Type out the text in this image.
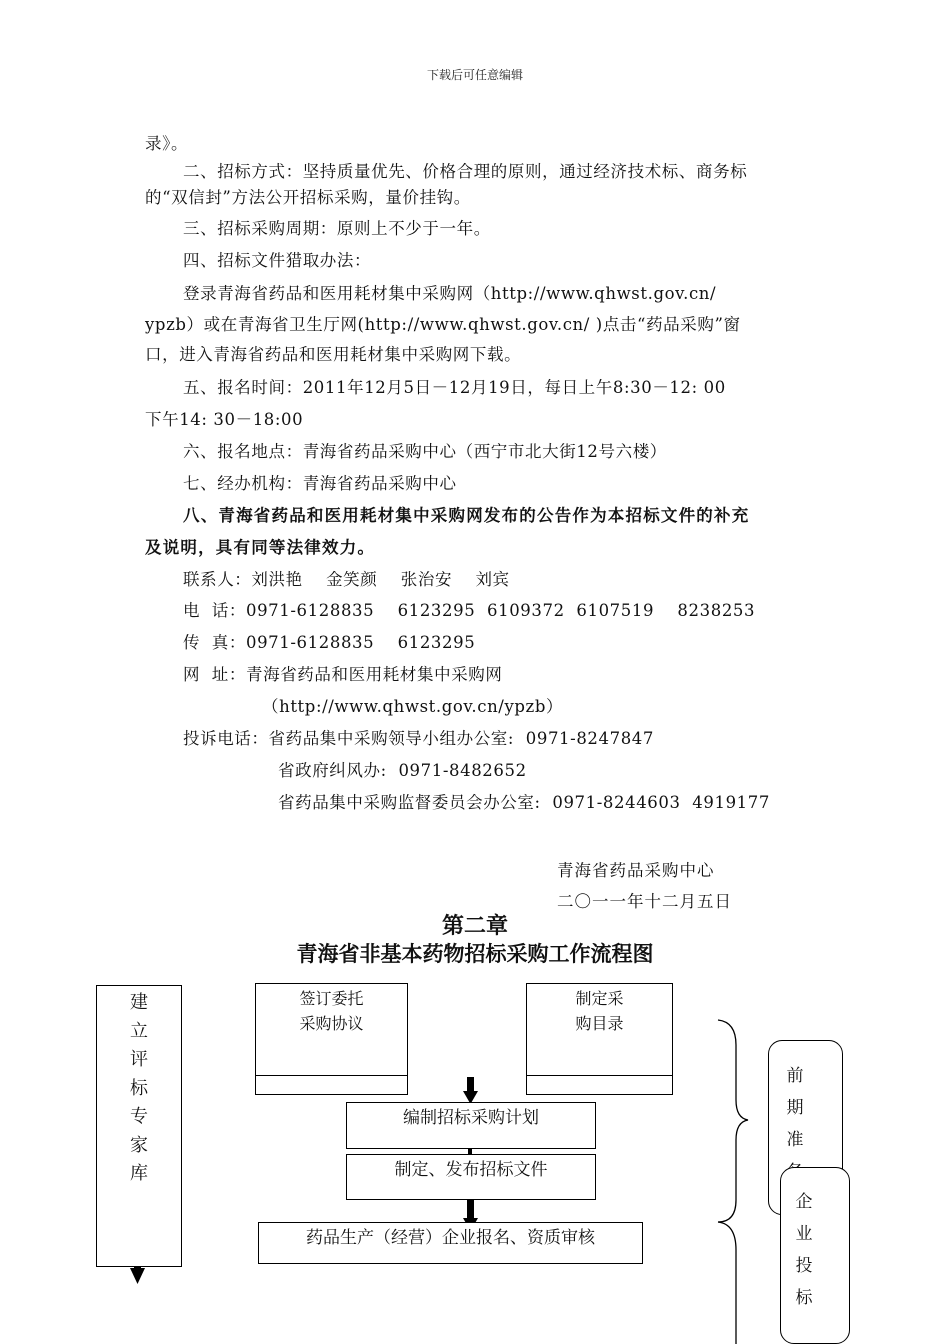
下载后可任意编辑
录》。
二、招标方式：坚持质量优先、价格合理的原则，通过经济技术标、商务标
的“双信封”方法公开招标采购，量价挂钩。
三、招标采购周期：原则上不少于一年。
四、招标文件猎取办法：
登录青海省药品和医用耗材集中采购网（http://www.qhwst.gov.cn/
ypzb）或在青海省卫生厅网(http://www.qhwst.gov.cn/ )点击“药品采购”窗
口，进入青海省药品和医用耗材集中采购网下载。
五、报名时间：2011年12月5日－12月19日，每日上午8:30－12: 00
下午14: 30－18:00
六、报名地点：青海省药品采购中心（西宁市北大街12号六楼）
七、经办机构：青海省药品采购中心
八、青海省药品和医用耗材集中采购网发布的公告作为本招标文件的补充
及说明，具有同等法律效力。
联系人：刘洪艳    金笑颜    张治安    刘宾
电  话：0971-6128835    6123295  6109372  6107519    8238253
传  真：0971-6128835    6123295
网  址：青海省药品和医用耗材集中采购网
（http://www.qhwst.gov.cn/ypzb）
投诉电话：省药品集中采购领导小组办公室:  0971-8247847
省政府纠风办:  0971-8482652
省药品集中采购监督委员会办公室:  0971-8244603  4919177
青海省药品采购中心
二〇一一年十二月五日
第二章
青海省非基本药物招标采购工作流程图
建立评标专家库
签订委托
采购协议
制定采
购目录
编制招标采购计划
制定、发布招标文件
药品生产（经营）企业报名、资质审核
前期准
企业投标
